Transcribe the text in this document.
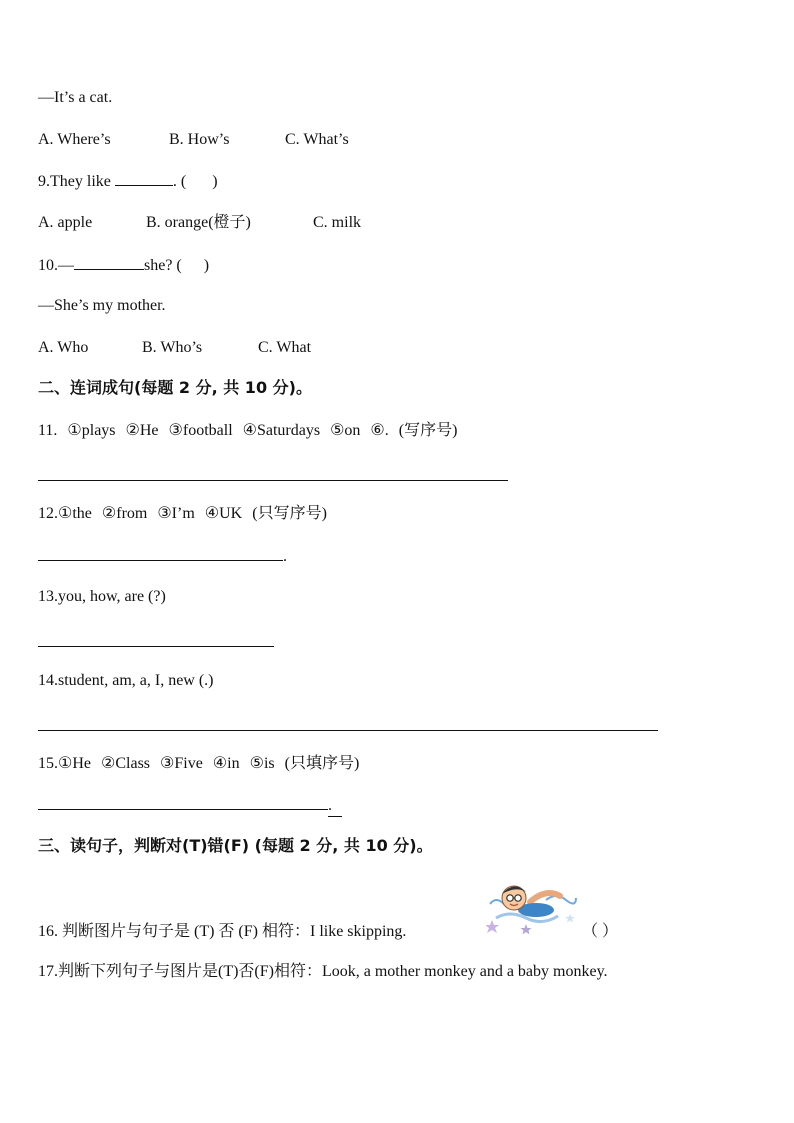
—It’s a cat.
A. Where’s	B. How’s	C. What’s
9.They like	. ( )
A. apple	B. orange(橙子)	C. milk
10.—	she? ( )
—She’s my mother.
A. Who	B. Who’s	C. What
二、连词成句(每题 2 分, 共 10 分)。
11. ①plays ②He ③football ④Saturdays ⑤on ⑥. (写序号)
12.①the ②from ③I’m ④UK (只写序号)
.
13.you, how, are (?)
14.student, am, a, I, new (.)
15.①He ②Class ③Five ④in ⑤is (只填序号)
.
三、读句子，判断对(T)错(F) (每题 2 分, 共 10 分)。
16. 判断图片与句子是 (T) 否 (F) 相符：I like skipping.	（ ）
17.判断下列句子与图片是(T)否(F)相符：Look, a mother monkey and a baby monkey.
